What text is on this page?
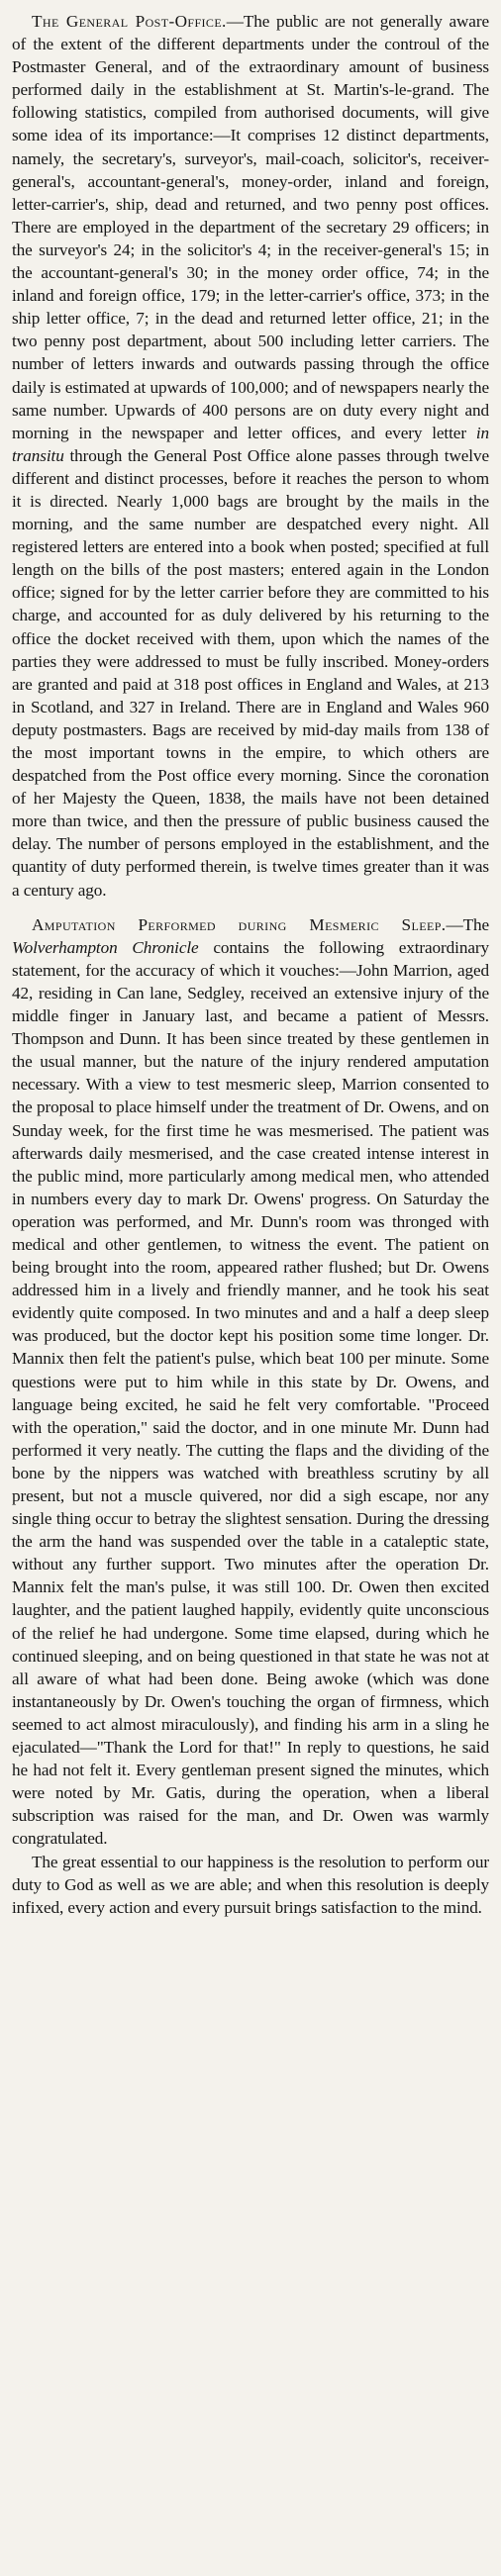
The General Post-Office.—The public are not generally aware of the extent of the different departments under the controul of the Postmaster General, and of the extraordinary amount of business performed daily in the establishment at St. Martin's-le-grand. The following statistics, compiled from authorised documents, will give some idea of its importance:—It comprises 12 distinct departments, namely, the secretary's, surveyor's, mail-coach, solicitor's, receiver-general's, accountant-general's, money-order, inland and foreign, letter-carrier's, ship, dead and returned, and two penny post offices. There are employed in the department of the secretary 29 officers; in the surveyor's 24; in the solicitor's 4; in the receiver-general's 15; in the accountant-general's 30; in the money order office, 74; in the inland and foreign office, 179; in the letter-carrier's office, 373; in the ship letter office, 7; in the dead and returned letter office, 21; in the two penny post department, about 500 including letter carriers. The number of letters inwards and outwards passing through the office daily is estimated at upwards of 100,000; and of newspapers nearly the same number. Upwards of 400 persons are on duty every night and morning in the newspaper and letter offices, and every letter in transitu through the General Post Office alone passes through twelve different and distinct processes, before it reaches the person to whom it is directed. Nearly 1,000 bags are brought by the mails in the morning, and the same number are despatched every night. All registered letters are entered into a book when posted; specified at full length on the bills of the post masters; entered again in the London office; signed for by the letter carrier before they are committed to his charge, and accounted for as duly delivered by his returning to the office the docket received with them, upon which the names of the parties they were addressed to must be fully inscribed. Money-orders are granted and paid at 318 post offices in England and Wales, at 213 in Scotland, and 327 in Ireland. There are in England and Wales 960 deputy postmasters. Bags are received by mid-day mails from 138 of the most important towns in the empire, to which others are despatched from the Post office every morning. Since the coronation of her Majesty the Queen, 1838, the mails have not been detained more than twice, and then the pressure of public business caused the delay. The number of persons employed in the establishment, and the quantity of duty performed therein, is twelve times greater than it was a century ago.

Amputation Performed during Mesmeric Sleep.—The Wolverhampton Chronicle contains the following extraordinary statement, for the accuracy of which it vouches:—John Marrion, aged 42, residing in Can lane, Sedgley, received an extensive injury of the middle finger in January last, and became a patient of Messrs. Thompson and Dunn. It has been since treated by these gentlemen in the usual manner, but the nature of the injury rendered amputation necessary. With a view to test mesmeric sleep, Marrion consented to the proposal to place himself under the treatment of Dr. Owens, and on Sunday week, for the first time he was mesmerised. The patient was afterwards daily mesmerised, and the case created intense interest in the public mind, more particularly among medical men, who attended in numbers every day to mark Dr. Owens' progress. On Saturday the operation was performed, and Mr. Dunn's room was thronged with medical and other gentlemen, to witness the event. The patient on being brought into the room, appeared rather flushed; but Dr. Owens addressed him in a lively and friendly manner, and he took his seat evidently quite composed. In two minutes and and a half a deep sleep was produced, but the doctor kept his position some time longer. Dr. Mannix then felt the patient's pulse, which beat 100 per minute. Some questions were put to him while in this state by Dr. Owens, and language being excited, he said he felt very comfortable. "Proceed with the operation," said the doctor, and in one minute Mr. Dunn had performed it very neatly. The cutting the flaps and the dividing of the bone by the nippers was watched with breathless scrutiny by all present, but not a muscle quivered, nor did a sigh escape, nor any single thing occur to betray the slightest sensation. During the dressing the arm the hand was suspended over the table in a cataleptic state, without any further support. Two minutes after the operation Dr. Mannix felt the man's pulse, it was still 100. Dr. Owen then excited laughter, and the patient laughed happily, evidently quite unconscious of the relief he had undergone. Some time elapsed, during which he continued sleeping, and on being questioned in that state he was not at all aware of what had been done. Being awoke (which was done instantaneously by Dr. Owen's touching the organ of firmness, which seemed to act almost miraculously), and finding his arm in a sling he ejaculated—"Thank the Lord for that!" In reply to questions, he said he had not felt it. Every gentleman present signed the minutes, which were noted by Mr. Gatis, during the operation, when a liberal subscription was raised for the man, and Dr. Owen was warmly congratulated.

The great essential to our happiness is the resolution to perform our duty to God as well as we are able; and when this resolution is deeply infixed, every action and every pursuit brings satisfaction to the mind.
